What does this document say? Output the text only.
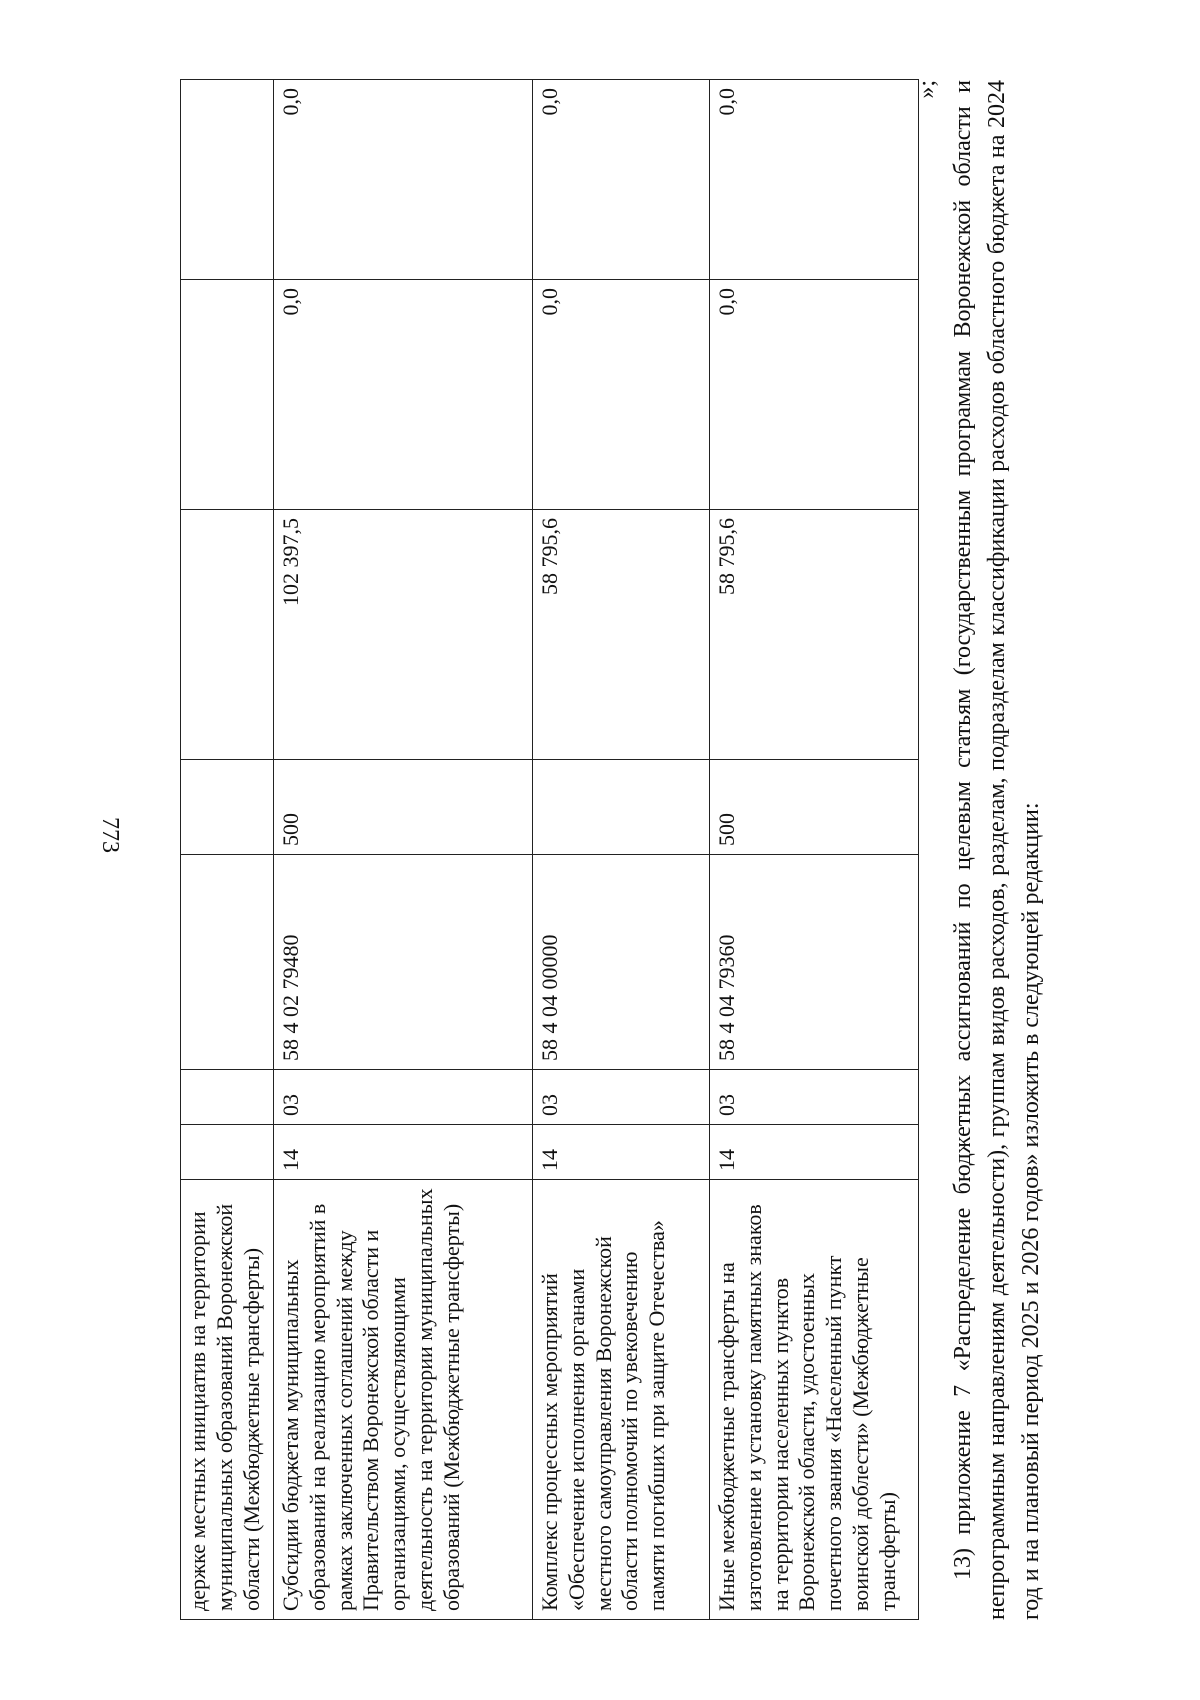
773
держке местных инициатив на территории муниципальных образований Воронежской области (Межбюджетные трансферты)							
Субсидии бюджетам муниципальных образований на реализацию мероприятий в рамках заключенных соглашений между Правительством Воронежской области и организациями, осуществляющими деятельность на территории муниципальных образований (Межбюджетные трансферты)	14	03	58 4 02 79480	500	102 397,5	0,0	0,0
Комплекс процессных мероприятий «Обеспечение исполнения органами местного самоуправления Воронежской области полномочий по увековечению памяти погибших при защите Отечества»	14	03	58 4 04 00000		58 795,6	0,0	0,0
Иные межбюджетные трансферты на изготовление и установку памятных знаков на территории населенных пунктов Воронежской области, удостоенных почетного звания «Населенный пункт воинской доблести» (Межбюджетные трансферты)	14	03	58 4 04 79360	500	58 795,6	0,0	0,0	»; 13) приложение 7 «Распределение бюджетных ассигнований по целевым статьям (государственным программам Воронежской области и непрограммным направлениям деятельности), группам видов расходов, разделам, подразделам классификации расходов областного бюджета на 2024 год и на плановый период 2025 и 2026 годов» изложить в следующей редакции:
